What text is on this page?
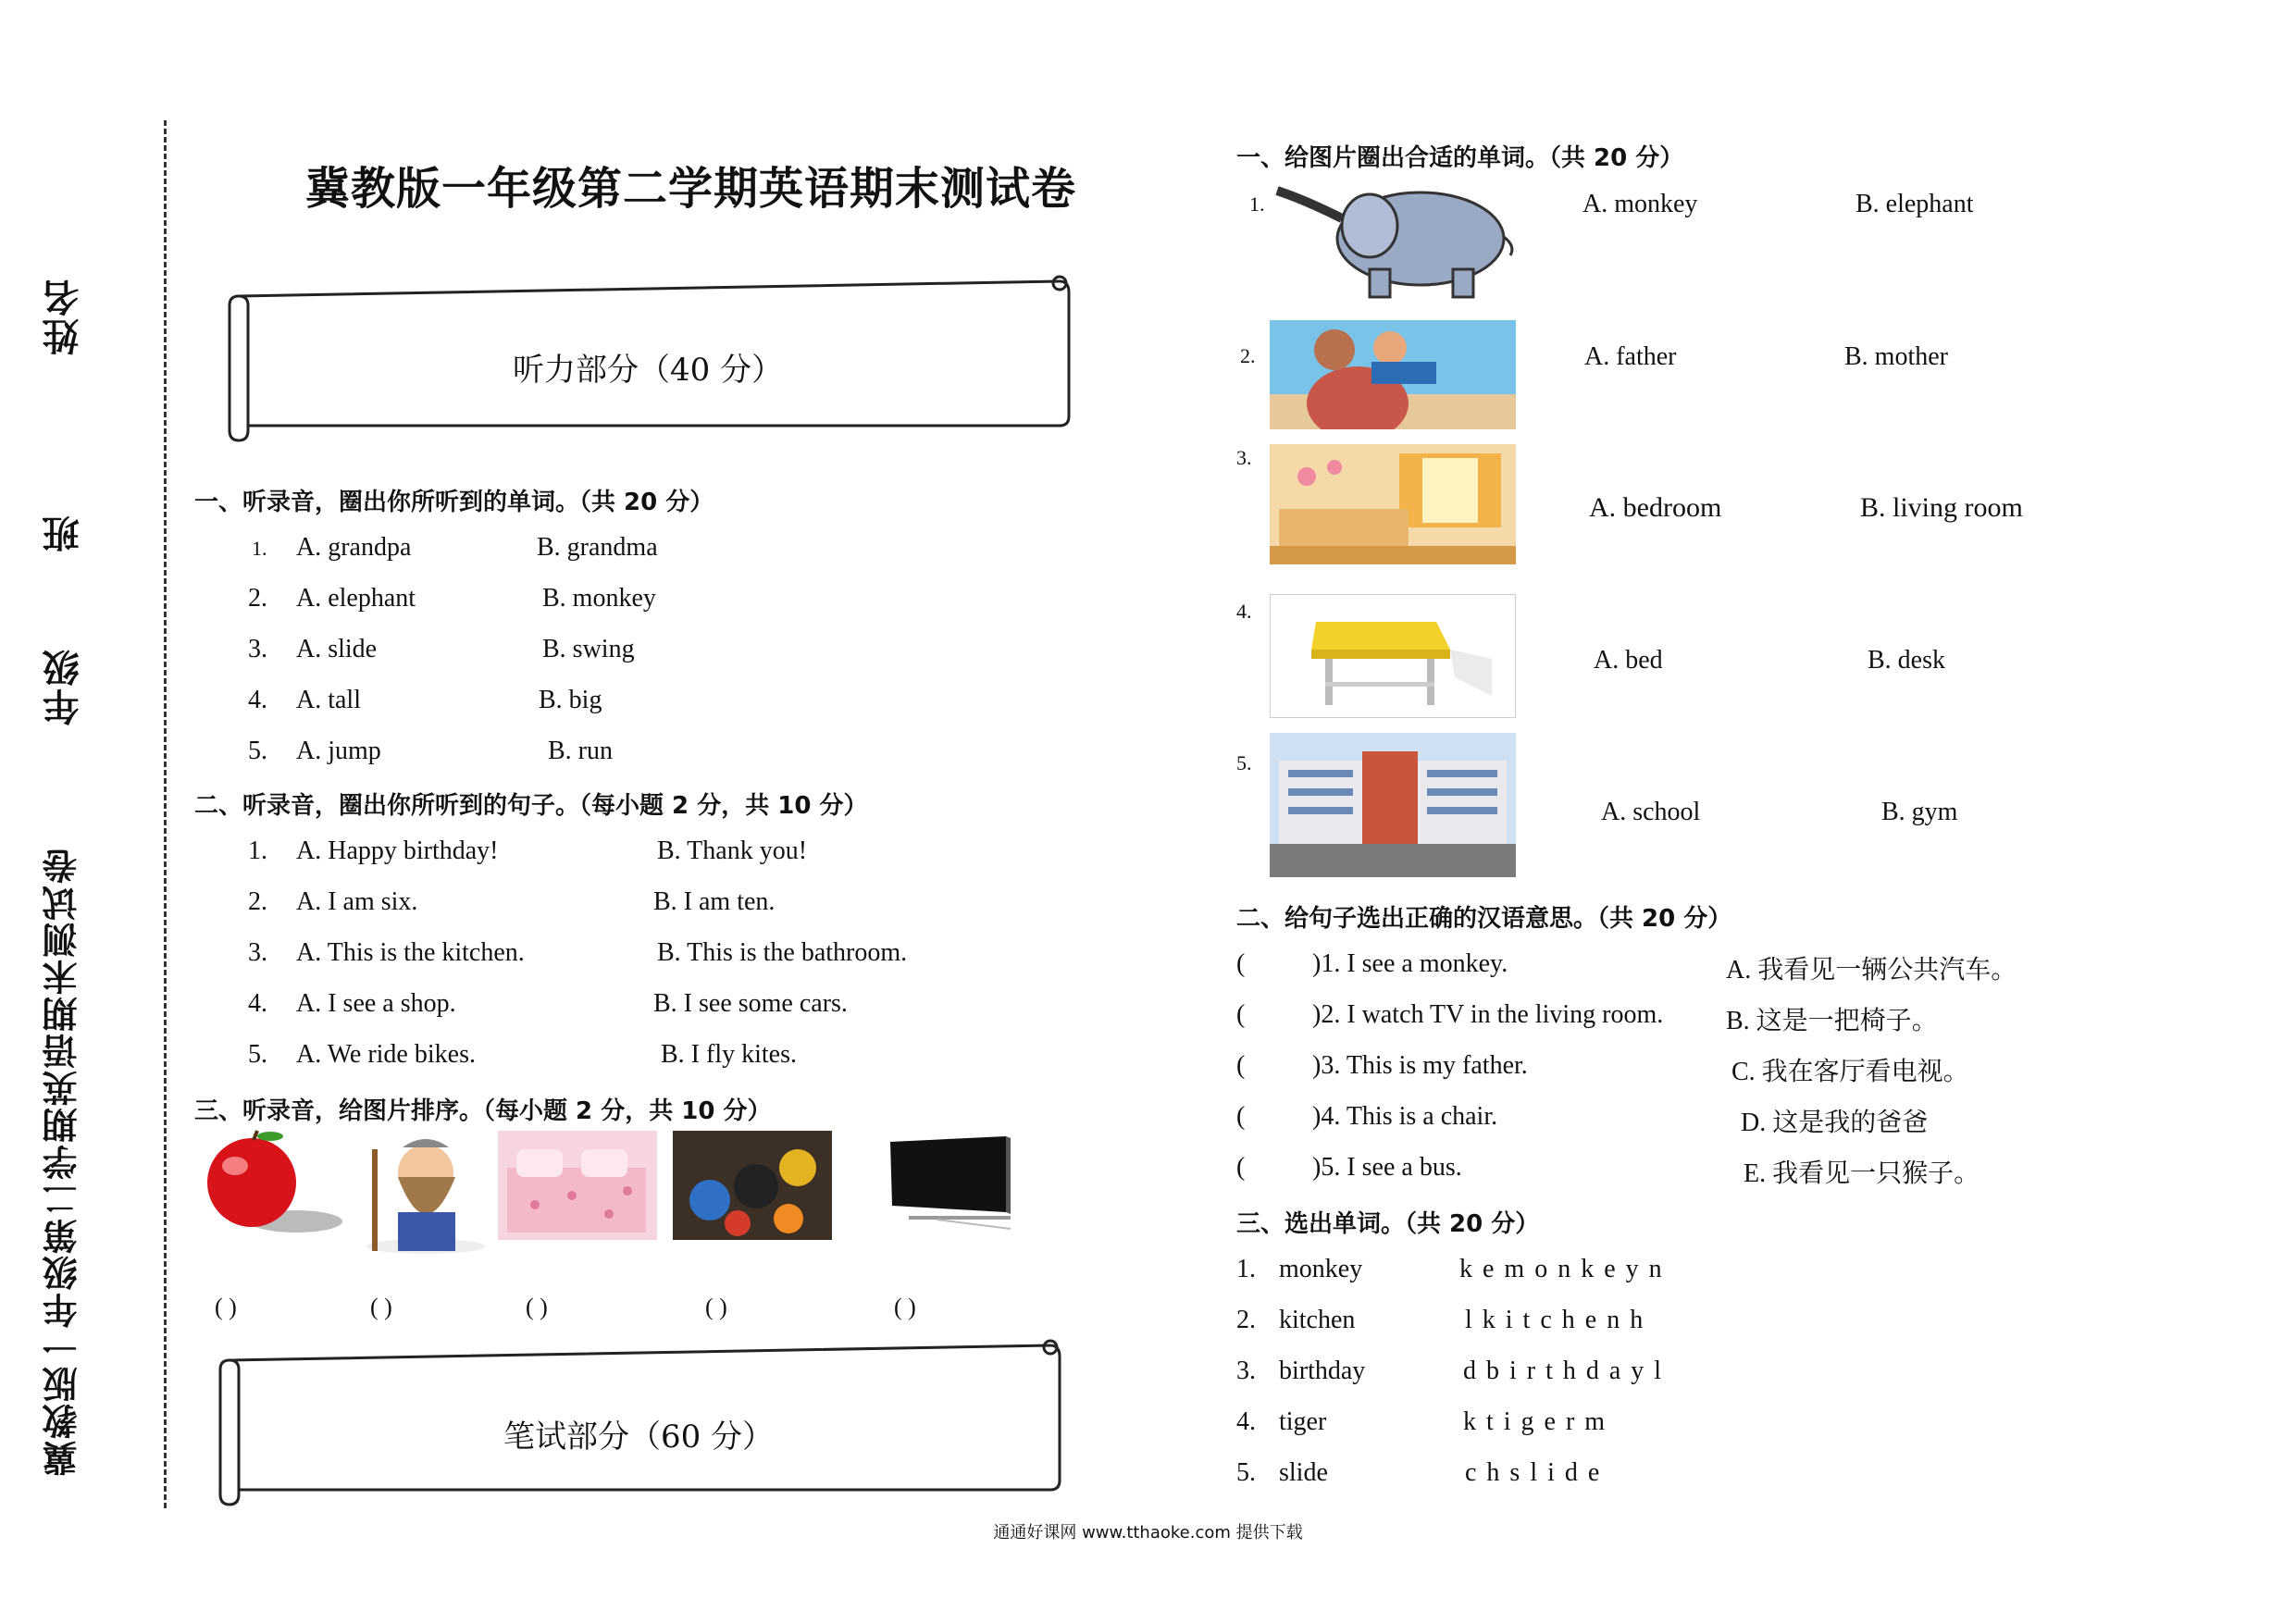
姓名
班
年级
冀教版一年级第二学期英语期末测试卷
冀教版一年级第二学期英语期末测试卷
听力部分（40 分）
一、听录音，圈出你所听到的单词。（共 20 分）
1. A. grandpa	B. grandma
2. A. elephant	B. monkey
3. A. slide	B. swing
4. A. tall	B. big
5. A. jump	B. run
二、听录音，圈出你所听到的句子。（每小题 2 分，共 10 分）
1. A. Happy birthday!	B. Thank you!
2. A. I am six.	B. I am ten.
3. A. This is the kitchen.	B. This is the bathroom.
4. A. I see a shop.	B. I see some cars.
5. A. We ride bikes.	B. I fly kites.
三、听录音，给图片排序。（每小题 2 分，共 10 分）
( )	( )	( )	( )	( )
笔试部分（60 分）
一、给图片圈出合适的单词。（共 20 分）
1.	A. monkey	B. elephant
2.	A. father	B. mother
3.
A. bedroom	B. living room
4.
A. bed	B. desk
5.
A. school	B. gym
二、给句子选出正确的汉语意思。（共 20 分）
(	)1. I see a monkey.	A. 我看见一辆公共汽车。
(	)2. I watch TV in the living room. B. 这是一把椅子。
(	)3. This is my father.	C. 我在客厅看电视。
(	)4. This is a chair.	D. 这是我的爸爸
(	)5. I see a bus.	E. 我看见一只猴子。
三、选出单词。（共 20 分）
1. monkey	k e m o n k e y n
2. kitchen	l k i t c h e n h
3. birthday	d b i r t h d a y l
4. tiger	k t i g e r m
5. slide	c h s l i d e
通通好课网 www.tthaoke.com 提供下载
